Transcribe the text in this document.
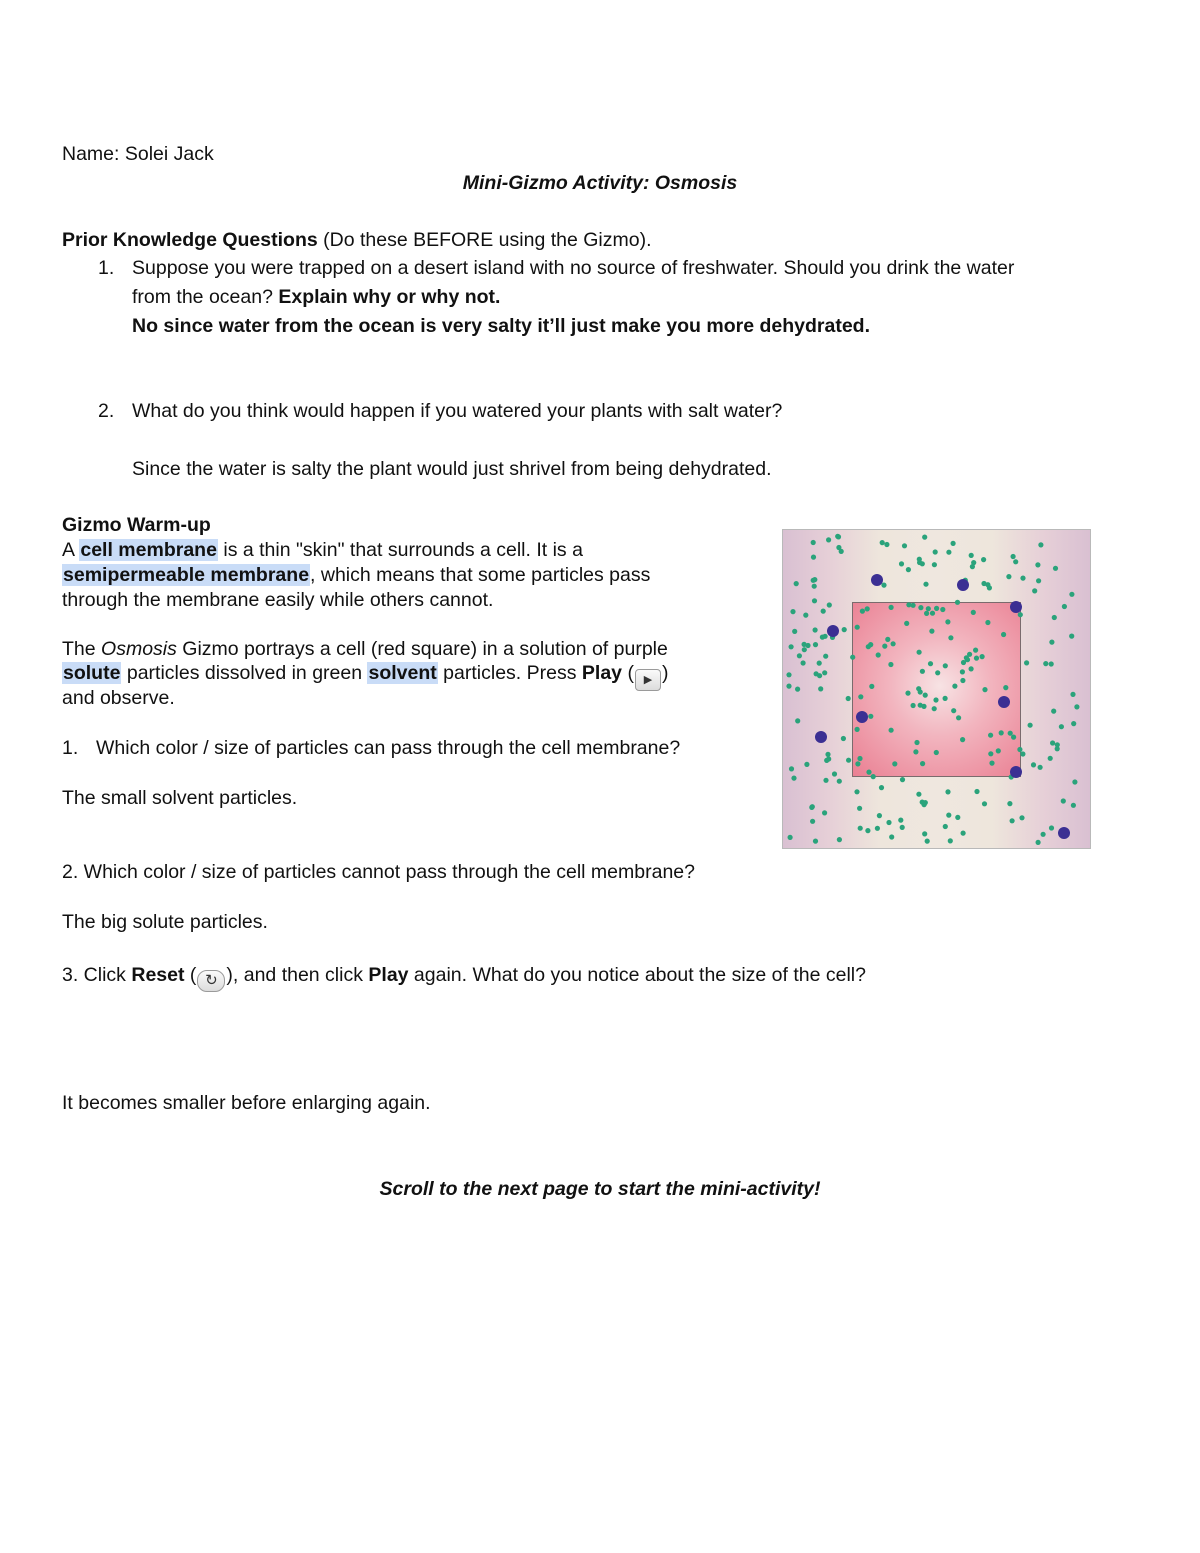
Name: Solei Jack
Mini-Gizmo Activity: Osmosis
Prior Knowledge Questions (Do these BEFORE using the Gizmo).
1. Suppose you were trapped on a desert island with no source of freshwater. Should you drink the water
from the ocean? Explain why or why not.
No since water from the ocean is very salty it’ll just make you more dehydrated.
2. What do you think would happen if you watered your plants with salt water?
Since the water is salty the plant would just shrivel from being dehydrated.
Gizmo Warm-up
A cell membrane is a thin "skin" that surrounds a cell. It is a
semipermeable membrane, which means that some particles pass
through the membrane easily while others cannot.
The Osmosis Gizmo portrays a cell (red square) in a solution of purple
solute particles dissolved in green solvent particles. Press Play ( ▶ )
and observe.
1. Which color / size of particles can pass through the cell membrane?
The small solvent particles.
2. Which color / size of particles cannot pass through the cell membrane?
The big solute particles.
3. Click Reset ( ↻ ), and then click Play again. What do you notice about the size of the cell?
It becomes smaller before enlarging again.
Scroll to the next page to start the mini-activity!
